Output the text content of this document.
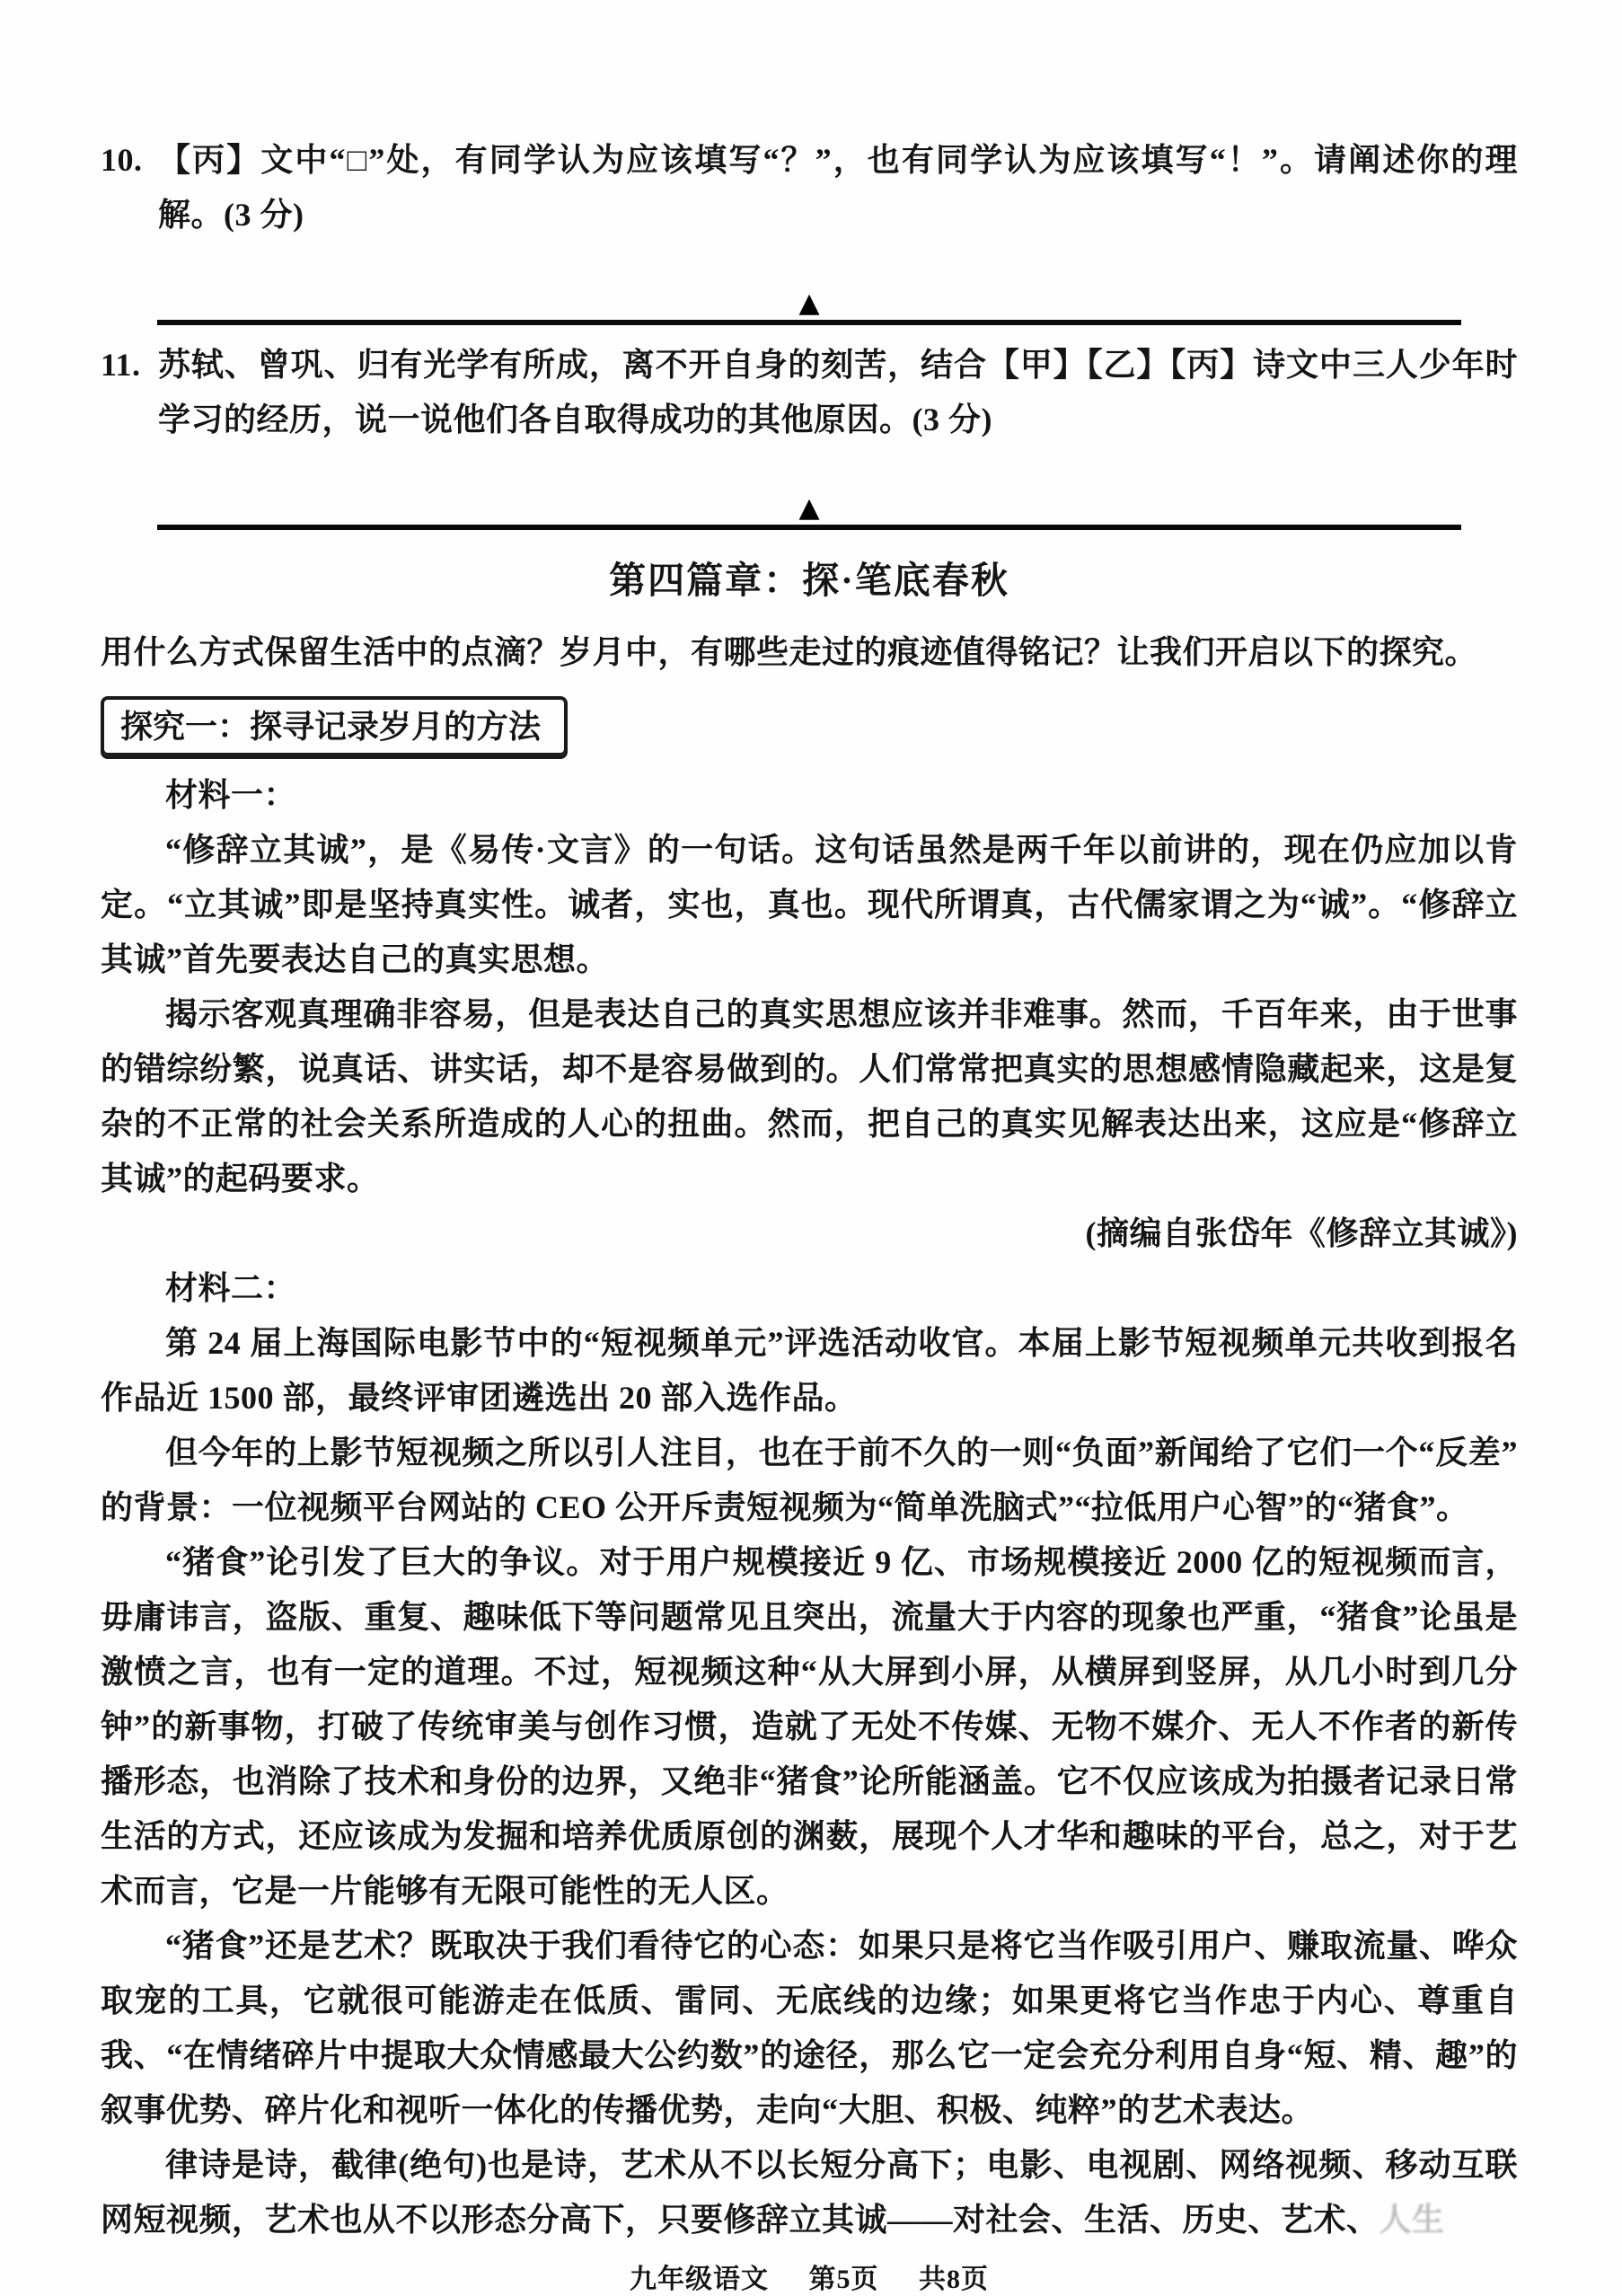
10. 【丙】文中“□”处，有同学认为应该填写“？”，也有同学认为应该填写“！”。请阐述你的理解。(3 分)

▲

11. 苏轼、曾巩、归有光学有所成，离不开自身的刻苦，结合【甲】【乙】【丙】诗文中三人少年时学习的经历，说一说他们各自取得成功的其他原因。(3 分)

▲
第四篇章：探·笔底春秋

用什么方式保留生活中的点滴？岁月中，有哪些走过的痕迹值得铭记？让我们开启以下的探究。

探究一：探寻记录岁月的方法

材料一：

“修辞立其诚”，是《易传·文言》的一句话。这句话虽然是两千年以前讲的，现在仍应加以肯定。“立其诚”即是坚持真实性。诚者，实也，真也。现代所谓真，古代儒家谓之为“诚”。“修辞立其诚”首先要表达自己的真实思想。

揭示客观真理确非容易，但是表达自己的真实思想应该并非难事。然而，千百年来，由于世事的错综纷繁，说真话、讲实话，却不是容易做到的。人们常常把真实的思想感情隐藏起来，这是复杂的不正常的社会关系所造成的人心的扭曲。然而，把自己的真实见解表达出来，这应是“修辞立其诚”的起码要求。

(摘编自张岱年《修辞立其诚》)

材料二：

第 24 届上海国际电影节中的“短视频单元”评选活动收官。本届上影节短视频单元共收到报名作品近 1500 部，最终评审团遴选出 20 部入选作品。

但今年的上影节短视频之所以引人注目，也在于前不久的一则“负面”新闻给了它们一个“反差”的背景：一位视频平台网站的 CEO 公开斥责短视频为“简单洗脑式”“拉低用户心智”的“猪食”。

“猪食”论引发了巨大的争议。对于用户规模接近 9 亿、市场规模接近 2000 亿的短视频而言，毋庸讳言，盗版、重复、趣味低下等问题常见且突出，流量大于内容的现象也严重，“猪食”论虽是激愤之言，也有一定的道理。不过，短视频这种“从大屏到小屏，从横屏到竖屏，从几小时到几分钟”的新事物，打破了传统审美与创作习惯，造就了无处不传媒、无物不媒介、无人不作者的新传播形态，也消除了技术和身份的边界，又绝非“猪食”论所能涵盖。它不仅应该成为拍摄者记录日常生活的方式，还应该成为发掘和培养优质原创的渊薮，展现个人才华和趣味的平台，总之，对于艺术而言，它是一片能够有无限可能性的无人区。

“猪食”还是艺术？既取决于我们看待它的心态：如果只是将它当作吸引用户、赚取流量、哗众取宠的工具，它就很可能游走在低质、雷同、无底线的边缘；如果更将它当作忠于内心、尊重自我、“在情绪碎片中提取大众情感最大公约数”的途径，那么它一定会充分利用自身“短、精、趣”的叙事优势、碎片化和视听一体化的传播优势，走向“大胆、积极、纯粹”的艺术表达。

律诗是诗，截律(绝句)也是诗，艺术从不以长短分高下；电影、电视剧、网络视频、移动互联网短视频，艺术也从不以形态分高下，只要修辞立其诚——对社会、生活、历史、艺术、人生

九年级语文 第5页 共8页
